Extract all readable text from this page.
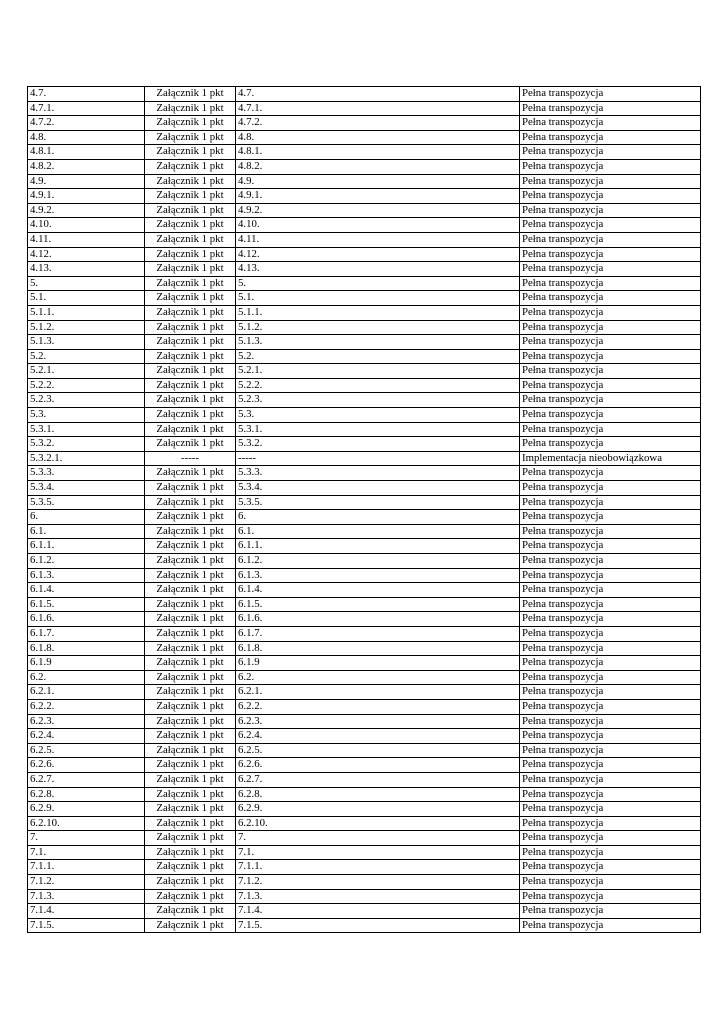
4.7.	Załącznik 1 pkt	4.7.	Pełna transpozycja
4.7.1.	Załącznik 1 pkt	4.7.1.	Pełna transpozycja
4.7.2.	Załącznik 1 pkt	4.7.2.	Pełna transpozycja
4.8.	Załącznik 1 pkt	4.8.	Pełna transpozycja
4.8.1.	Załącznik 1 pkt	4.8.1.	Pełna transpozycja
4.8.2.	Załącznik 1 pkt	4.8.2.	Pełna transpozycja
4.9.	Załącznik 1 pkt	4.9.	Pełna transpozycja
4.9.1.	Załącznik 1 pkt	4.9.1.	Pełna transpozycja
4.9.2.	Załącznik 1 pkt	4.9.2.	Pełna transpozycja
4.10.	Załącznik 1 pkt	4.10.	Pełna transpozycja
4.11.	Załącznik 1 pkt	4.11.	Pełna transpozycja
4.12.	Załącznik 1 pkt	4.12.	Pełna transpozycja
4.13.	Załącznik 1 pkt	4.13.	Pełna transpozycja
5.	Załącznik 1 pkt	5.	Pełna transpozycja
5.1.	Załącznik 1 pkt	5.1.	Pełna transpozycja
5.1.1.	Załącznik 1 pkt	5.1.1.	Pełna transpozycja
5.1.2.	Załącznik 1 pkt	5.1.2.	Pełna transpozycja
5.1.3.	Załącznik 1 pkt	5.1.3.	Pełna transpozycja
5.2.	Załącznik 1 pkt	5.2.	Pełna transpozycja
5.2.1.	Załącznik 1 pkt	5.2.1.	Pełna transpozycja
5.2.2.	Załącznik 1 pkt	5.2.2.	Pełna transpozycja
5.2.3.	Załącznik 1 pkt	5.2.3.	Pełna transpozycja
5.3.	Załącznik 1 pkt	5.3.	Pełna transpozycja
5.3.1.	Załącznik 1 pkt	5.3.1.	Pełna transpozycja
5.3.2.	Załącznik 1 pkt	5.3.2.	Pełna transpozycja
5.3.2.1.	-----	-----	Implementacja nieobowiązkowa
5.3.3.	Załącznik 1 pkt	5.3.3.	Pełna transpozycja
5.3.4.	Załącznik 1 pkt	5.3.4.	Pełna transpozycja
5.3.5.	Załącznik 1 pkt	5.3.5.	Pełna transpozycja
6.	Załącznik 1 pkt	6.	Pełna transpozycja
6.1.	Załącznik 1 pkt	6.1.	Pełna transpozycja
6.1.1.	Załącznik 1 pkt	6.1.1.	Pełna transpozycja
6.1.2.	Załącznik 1 pkt	6.1.2.	Pełna transpozycja
6.1.3.	Załącznik 1 pkt	6.1.3.	Pełna transpozycja
6.1.4.	Załącznik 1 pkt	6.1.4.	Pełna transpozycja
6.1.5.	Załącznik 1 pkt	6.1.5.	Pełna transpozycja
6.1.6.	Załącznik 1 pkt	6.1.6.	Pełna transpozycja
6.1.7.	Załącznik 1 pkt	6.1.7.	Pełna transpozycja
6.1.8.	Załącznik 1 pkt	6.1.8.	Pełna transpozycja
6.1.9	Załącznik 1 pkt	6.1.9	Pełna transpozycja
6.2.	Załącznik 1 pkt	6.2.	Pełna transpozycja
6.2.1.	Załącznik 1 pkt	6.2.1.	Pełna transpozycja
6.2.2.	Załącznik 1 pkt	6.2.2.	Pełna transpozycja
6.2.3.	Załącznik 1 pkt	6.2.3.	Pełna transpozycja
6.2.4.	Załącznik 1 pkt	6.2.4.	Pełna transpozycja
6.2.5.	Załącznik 1 pkt	6.2.5.	Pełna transpozycja
6.2.6.	Załącznik 1 pkt	6.2.6.	Pełna transpozycja
6.2.7.	Załącznik 1 pkt	6.2.7.	Pełna transpozycja
6.2.8.	Załącznik 1 pkt	6.2.8.	Pełna transpozycja
6.2.9.	Załącznik 1 pkt	6.2.9.	Pełna transpozycja
6.2.10.	Załącznik 1 pkt	6.2.10.	Pełna transpozycja
7.	Załącznik 1 pkt	7.	Pełna transpozycja
7.1.	Załącznik 1 pkt	7.1.	Pełna transpozycja
7.1.1.	Załącznik 1 pkt	7.1.1.	Pełna transpozycja
7.1.2.	Załącznik 1 pkt	7.1.2.	Pełna transpozycja
7.1.3.	Załącznik 1 pkt	7.1.3.	Pełna transpozycja
7.1.4.	Załącznik 1 pkt	7.1.4.	Pełna transpozycja
7.1.5.	Załącznik 1 pkt	7.1.5.	Pełna transpozycja
